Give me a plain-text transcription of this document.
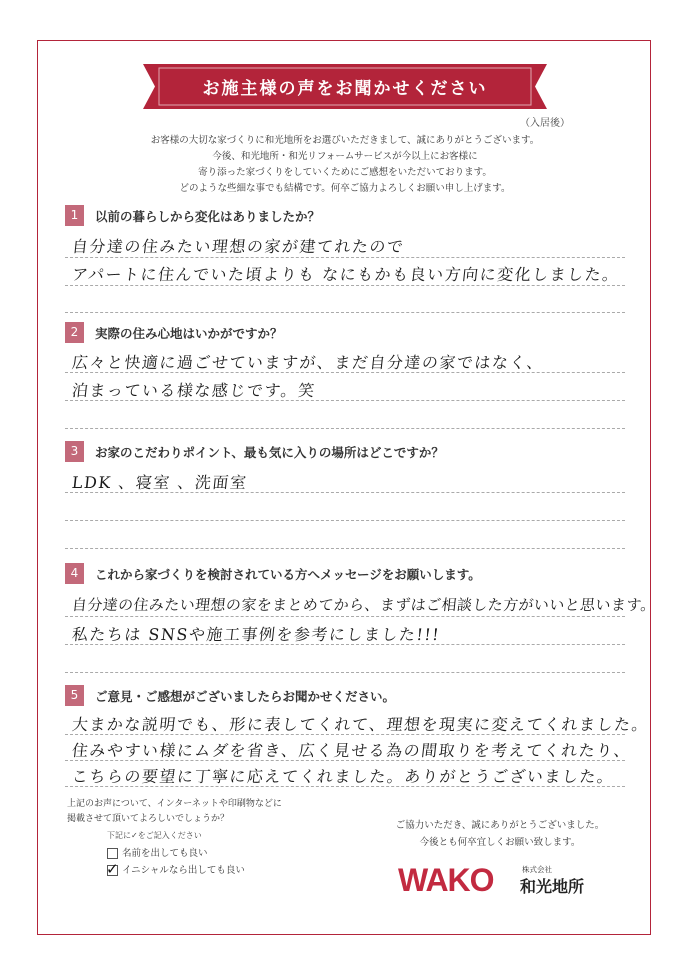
お施主様の声をお聞かせください
（入居後）
お客様の大切な家づくりに和光地所をお選びいただきまして、誠にありがとうございます。
今後、和光地所・和光リフォームサービスが今以上にお客様に
寄り添った家づくりをしていくためにご感想をいただいております。
どのような些細な事でも結構です。何卒ご協力よろしくお願い申し上げます。
1	以前の暮らしから変化はありましたか？
自分達の住みたい理想の家が建てれたので
アパートに住んでいた頃よりも なにもかも良い方向に変化しました。
2	実際の住み心地はいかがですか？
広々と快適に過ごせていますが、まだ自分達の家ではなく、
泊まっている様な感じです。笑
3	お家のこだわりポイント、最も気に入りの場所はどこですか？
LDK 、寝室 、洗面室
4	これから家づくりを検討されている方へメッセージをお願いします。
自分達の住みたい理想の家をまとめてから、まずはご相談した方がいいと思います。
私たちは SNSや施工事例を参考にしました!!!
5	ご意見・ご感想がございましたらお聞かせください。
大まかな説明でも、形に表してくれて、理想を現実に変えてくれました。
住みやすい様にムダを省き、広く見せる為の間取りを考えてくれたり、
こちらの要望に丁寧に応えてくれました。ありがとうございました。
上記のお声について、インターネットや印刷物などに
掲載させて頂いてよろしいでしょうか？
下記に✓をご記入ください
名前を出しても良い
✓ イニシャルなら出しても良い
ご協力いただき、誠にありがとうございました。
今後とも何卒宜しくお願い致します。
WAKO	株式会社
和光地所
